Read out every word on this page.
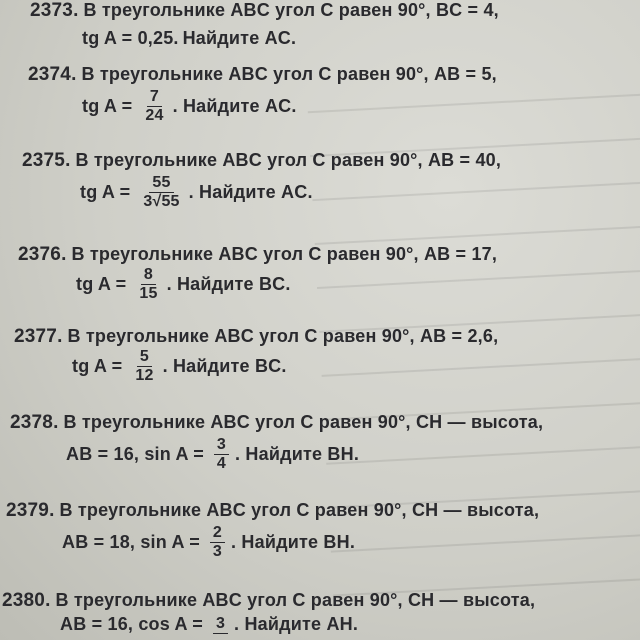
2373. В треугольнике ABC угол C равен 90°, BC = 4,
tg A = 0,25. Найдите AC.
2374. В треугольнике ABC угол C равен 90°, AB = 5,
tg $A = \frac{7}{24}$ . Найдите AC.
2375. В треугольнике ABC угол C равен 90°, AB = 40,
tg $A = \frac{55}{3√55}$ . Найдите AC.
2376. В треугольнике ABC угол C равен 90°, AB = 17,
tg $A = \frac{8}{15}$ . Найдите BC.
2377. В треугольнике ABC угол C равен 90°, AB = 2,6,
tg $A = \frac{5}{12}$ . Найдите BC.
2378. В треугольнике ABC угол C равен 90°, CH — высота,
AB = 16, $\sin A = \frac{3}{4}$ . Найдите BH.
2379. В треугольнике ABC угол C равен 90°, CH — высота,
AB = 18, $\sin A = \frac{2}{3}$ . Найдите BH.
2380. В треугольнике ABC угол C равен 90°, CH — высота,
AB = 16, cos A = 3 . Найдите AH.
